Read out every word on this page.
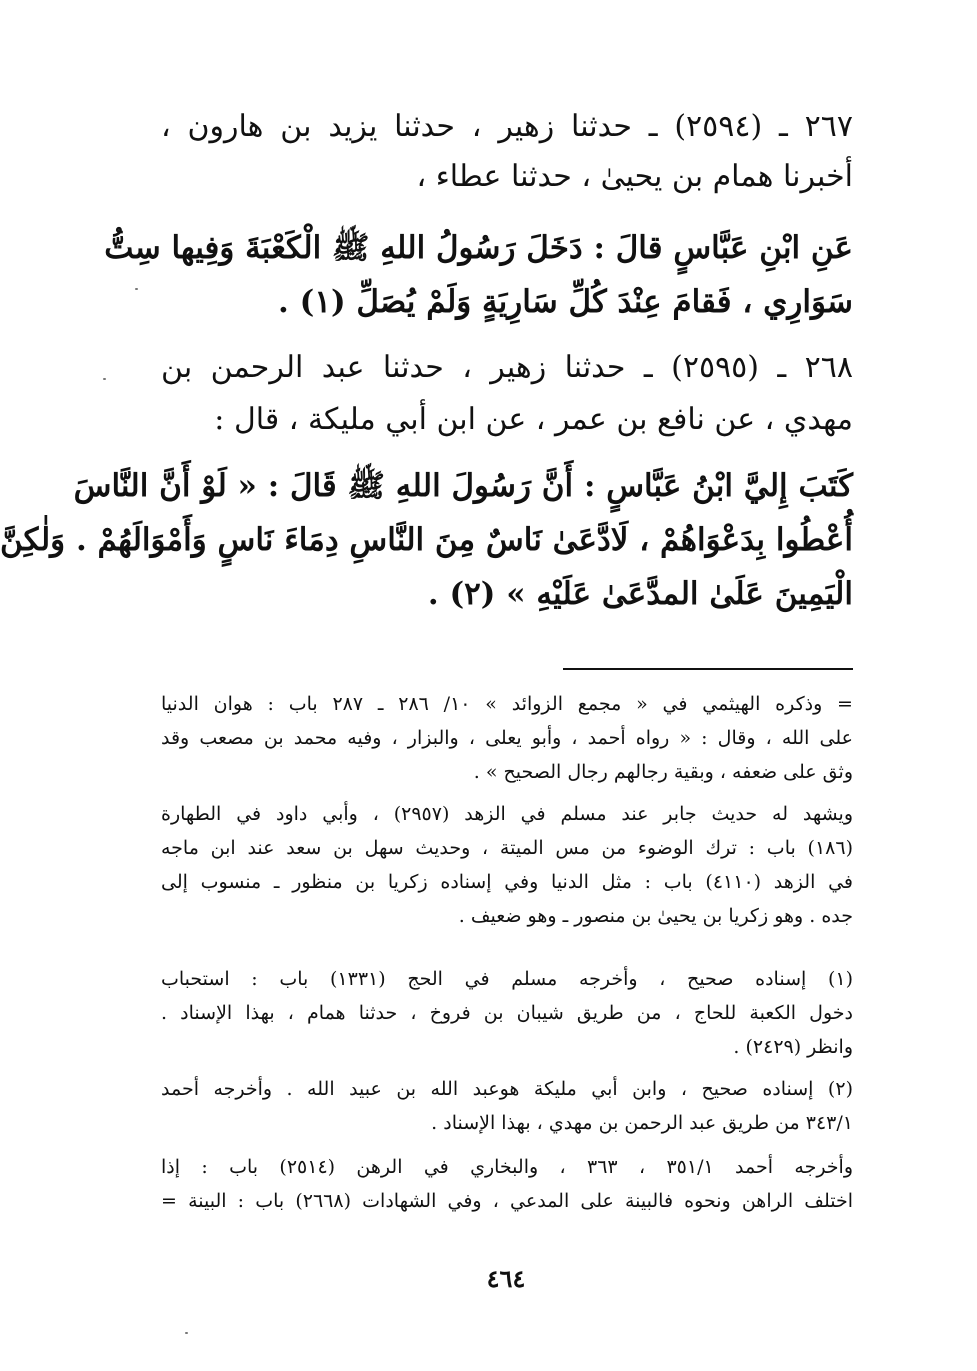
٢٦٧ ـ (٢٥٩٤) ـ حدثنا زهير ، حدثنا يزيد بن هارون ،
أخبرنا همام بن يحيىٰ ، حدثنا عطاء ،
عَنِ ابْنِ عَبَّاسٍ قالَ : دَخَلَ رَسُولُ اللهِ ﷺ الْكَعْبَةَ وَفِيها سِتُّ
سَوَارِي ، فَقامَ عِنْدَ كُلِّ سَارِيَةٍ وَلَمْ يُصَلِّ (١) .
٢٦٨ ـ (٢٥٩٥) ـ حدثنا زهير ، حدثنا عبد الرحمن بن
مهدي ، عن نافع بن عمر ، عن ابن أبي مليكة ، قال :
كَتَبَ إِليَّ ابْنُ عَبَّاسٍ : أَنَّ رَسُولَ اللهِ ﷺ قَالَ : « لَوْ أَنَّ النَّاسَ
أُعْطُوا بِدَعْوَاهُمْ ، لَادَّعَىٰ نَاسٌ مِنَ النَّاسِ دِمَاءَ نَاسٍ وَأَمْوَالَهُمْ . وَلٰكِنَّ
الْيَمِينَ عَلَىٰ المدَّعَىٰ عَلَيْهِ » (٢) .
= وذكره الهيثمي في « مجمع الزوائد » ١٠/ ٢٨٦ ـ ٢٨٧ باب : هوان الدنيا
على الله ، وقال : « رواه أحمد ، وأبو يعلى ، والبزار ، وفيه محمد بن مصعب وقد
وثق على ضعفه ، وبقية رجالهم رجال الصحيح » .
ويشهد له حديث جابر عند مسلم في الزهد (٢٩٥٧) ، وأبي داود في الطهارة
(١٨٦) باب : ترك الوضوء من مس الميتة ، وحديث سهل بن سعد عند ابن ماجه
في الزهد (٤١١٠) باب : مثل الدنيا وفي إسناده زكريا بن منظور ـ منسوب إلى
جده . وهو زكريا بن يحيىٰ بن منصور ـ وهو ضعيف .
(١) إسناده صحيح ، وأخرجه مسلم في الحج (١٣٣١) باب : استحباب
دخول الكعبة للحاج ، من طريق شيبان بن فروخ ، حدثنا همام ، بهذا الإسناد .
وانظر (٢٤٢٩) .
(٢) إسناده صحيح ، وابن أبي مليكة هوعبد الله بن عبيد الله . وأخرجه أحمد
٣٤٣/١ من طريق عبد الرحمن بن مهدي ، بهذا الإسناد .
وأخرجه أحمد ٣٥١/١ ، ٣٦٣ ، والبخاري في الرهن (٢٥١٤) باب : إذا
اختلف الراهن ونحوه فالبينة على المدعي ، وفي الشهادات (٢٦٦٨) باب : البينة =
٤٦٤
